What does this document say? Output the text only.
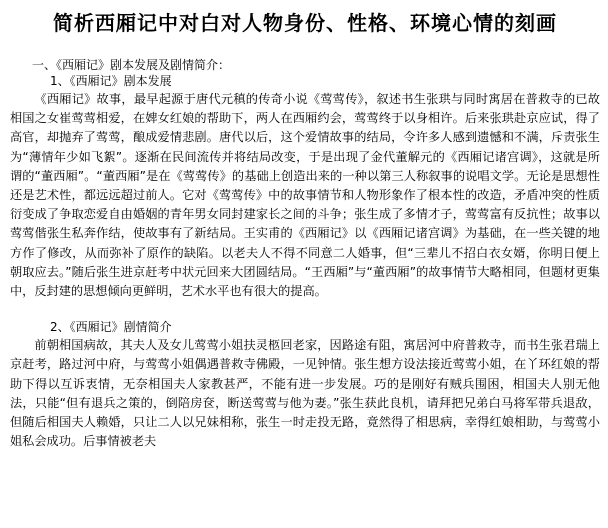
简析西厢记中对白对人物身份、性格、环境心情的刻画

一、《西厢记》剧本发展及剧情简介：

1、《西厢记》剧本发展

《西厢记》故事，最早起源于唐代元稹的传奇小说《莺莺传》，叙述书生张珙与同时寓居在普救寺的已故相国之女崔莺莺相爱，在婢女红娘的帮助下，两人在西厢约会，莺莺终于以身相许。后来张珙赴京应试，得了高官，却抛弃了莺莺，酿成爱情悲剧。唐代以后，这个爱情故事的结局，令许多人感到遗憾和不满，斥责张生为“薄情年少如飞絮”。逐渐在民间流传并将结局改变，于是出现了金代董解元的《西厢记诸宫调》，这就是所谓的“董西厢”。“董西厢”是在《莺莺传》的基础上创造出来的一种以第三人称叙事的说唱文学。无论是思想性还是艺术性，都远远超过前人。它对《莺莺传》中的故事情节和人物形象作了根本性的改造，矛盾冲突的性质衍变成了争取恋爱自由婚姻的青年男女同封建家长之间的斗争；张生成了多情才子，莺莺富有反抗性；故事以莺莺偕张生私奔作结，使故事有了新结局。王实甫的《西厢记》以《西厢记诸宫调》为基础，在一些关键的地方作了修改，从而弥补了原作的缺陷。以老夫人不得不同意二人婚事，但“三辈儿不招白衣女婿，你明日便上朝取应去。”随后张生进京赶考中状元回来大团圆结局。“王西厢”与“董西厢”的故事情节大略相同，但题材更集中，反封建的思想倾向更鲜明，艺术水平也有很大的提高。

2、《西厢记》剧情简介

前朝相国病故，其夫人及女儿莺莺小姐扶灵柩回老家，因路途有阻，寓居河中府普救寺，而书生张君瑞上京赶考，路过河中府，与莺莺小姐偶遇普救寺佛殿，一见钟情。张生想方设法接近莺莺小姐，在丫环红娘的帮助下得以互诉衷情，无奈相国夫人家教甚严，不能有进一步发展。巧的是刚好有贼兵围困，相国夫人别无他法，只能“但有退兵之策的，倒陪房奁，断送莺莺与他为妻。”张生获此良机，请拜把兄弟白马将军带兵退敌，但随后相国夫人赖婚，只让二人以兄妹相称，张生一时走投无路，竟然得了相思病，幸得红娘相助，与莺莺小姐私会成功。后事情被老夫
